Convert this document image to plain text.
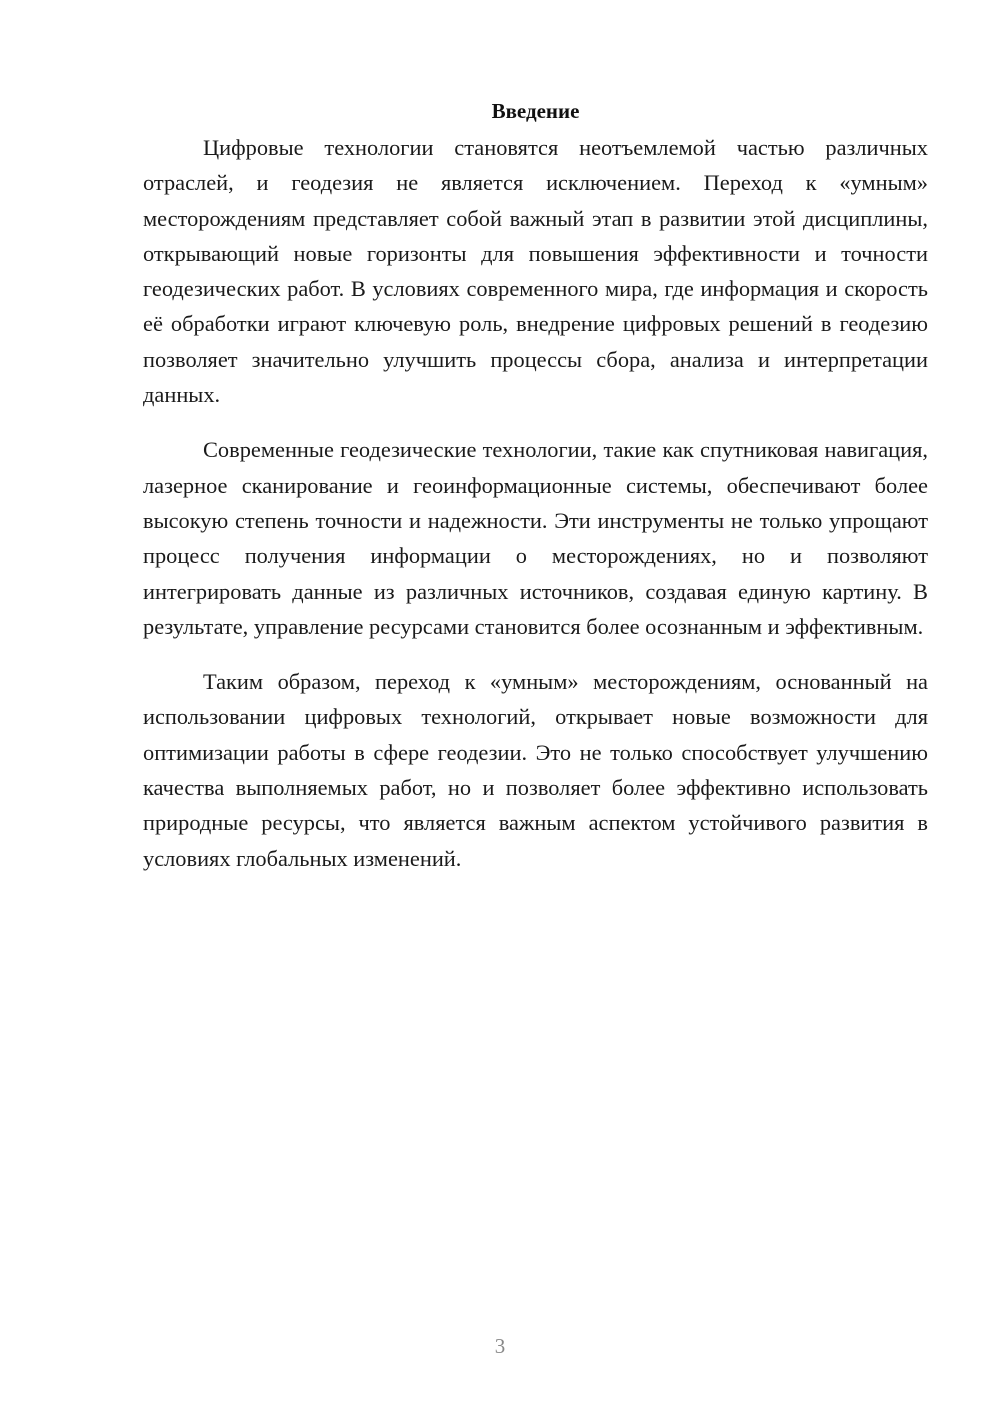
Введение

Цифровые технологии становятся неотъемлемой частью различных отраслей, и геодезия не является исключением. Переход к «умным» месторождениям представляет собой важный этап в развитии этой дисциплины, открывающий новые горизонты для повышения эффективности и точности геодезических работ. В условиях современного мира, где информация и скорость её обработки играют ключевую роль, внедрение цифровых решений в геодезию позволяет значительно улучшить процессы сбора, анализа и интерпретации данных.

Современные геодезические технологии, такие как спутниковая навигация, лазерное сканирование и геоинформационные системы, обеспечивают более высокую степень точности и надежности. Эти инструменты не только упрощают процесс получения информации о месторождениях, но и позволяют интегрировать данные из различных источников, создавая единую картину. В результате, управление ресурсами становится более осознанным и эффективным.

Таким образом, переход к «умным» месторождениям, основанный на использовании цифровых технологий, открывает новые возможности для оптимизации работы в сфере геодезии. Это не только способствует улучшению качества выполняемых работ, но и позволяет более эффективно использовать природные ресурсы, что является важным аспектом устойчивого развития в условиях глобальных изменений.

3
